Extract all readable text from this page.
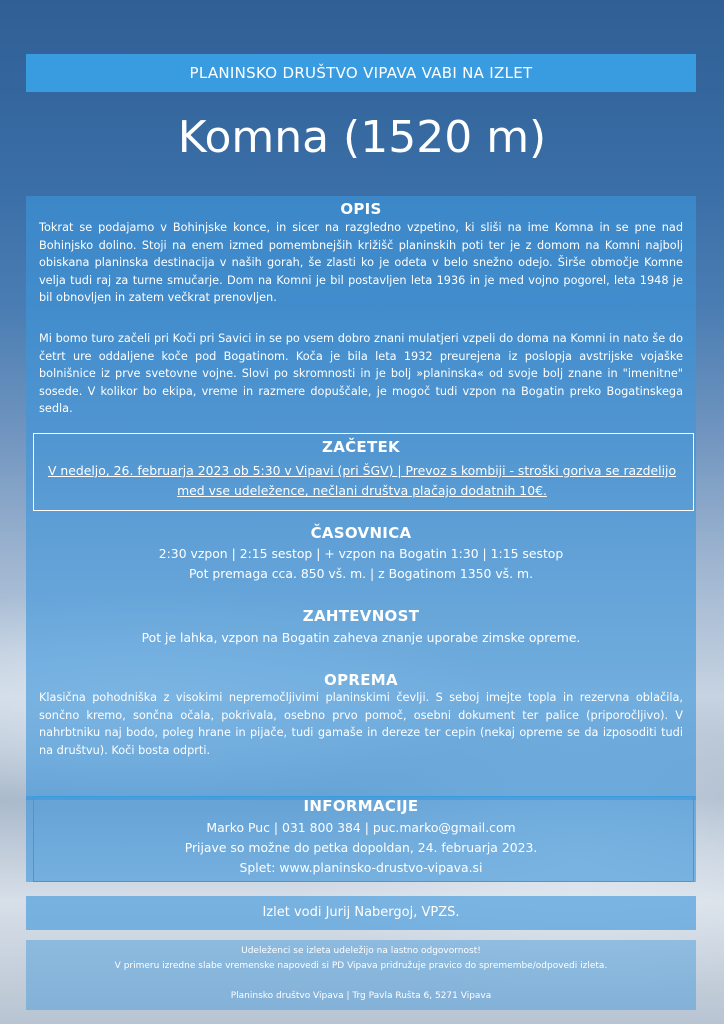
PLANINSKO DRUŠTVO VIPAVA VABI NA IZLET
Komna (1520 m)
OPIS

Tokrat se podajamo v Bohinjske konce, in sicer na razgledno vzpetino, ki sliši na ime Komna in se pne nad Bohinjsko dolino. Stoji na enem izmed pomembnejših križišč planinskih poti ter je z domom na Komni najbolj obiskana planinska destinacija v naših gorah, še zlasti ko je odeta v belo snežno odejo. Širše območje Komne velja tudi raj za turne smučarje. Dom na Komni je bil postavljen leta 1936 in je med vojno pogorel, leta 1948 je bil obnovljen in zatem večkrat prenovljen.

Mi bomo turo začeli pri Koči pri Savici in se po vsem dobro znani mulatjeri vzpeli do doma na Komni in nato še do četrt ure oddaljene koče pod Bogatinom. Koča je bila leta 1932 preurejena iz poslopja avstrijske vojaške bolnišnice iz prve svetovne vojne. Slovi po skromnosti in je bolj »planinska« od svoje bolj znane in "imenitne" sosede. V kolikor bo ekipa, vreme in razmere dopuščale, je mogoč tudi vzpon na Bogatin preko Bogatinskega sedla.

ZAČETEK

V nedeljo, 26. februarja 2023 ob 5:30 v Vipavi (pri ŠGV) | Prevoz s kombiji - stroški goriva se razdelijo med vse udeležence, nečlani društva plačajo dodatnih 10€.

ČASOVNICA
2:30 vzpon | 2:15 sestop | + vzpon na Bogatin 1:30 | 1:15 sestop
Pot premaga cca. 850 vš. m. | z Bogatinom 1350 vš. m.
ZAHTEVNOST

Pot je lahka, vzpon na Bogatin zaheva znanje uporabe zimske opreme.

OPREMA

Klasična pohodniška z visokimi nepremočljivimi planinskimi čevlji. S seboj imejte topla in rezervna oblačila, sončno kremo, sončna očala, pokrivala, osebno prvo pomoč, osebni dokument ter palice (priporočljivo). V nahrbtniku naj bodo, poleg hrane in pijače, tudi gamaše in dereze ter cepin (nekaj opreme se da izposoditi tudi na društvu). Koči bosta odprti.

INFORMACIJE
Marko Puc | 031 800 384 | puc.marko@gmail.com
Prijave so možne do petka dopoldan, 24. februarja 2023.
Splet: www.planinsko-drustvo-vipava.si
Izlet vodi Jurij Nabergoj, VPZS.
Udeleženci se izleta udeležijo na lastno odgovornost!
V primeru izredne slabe vremenske napovedi si PD Vipava pridružuje pravico do spremembe/odpovedi izleta.
Planinsko društvo Vipava | Trg Pavla Rušta 6, 5271 Vipava
